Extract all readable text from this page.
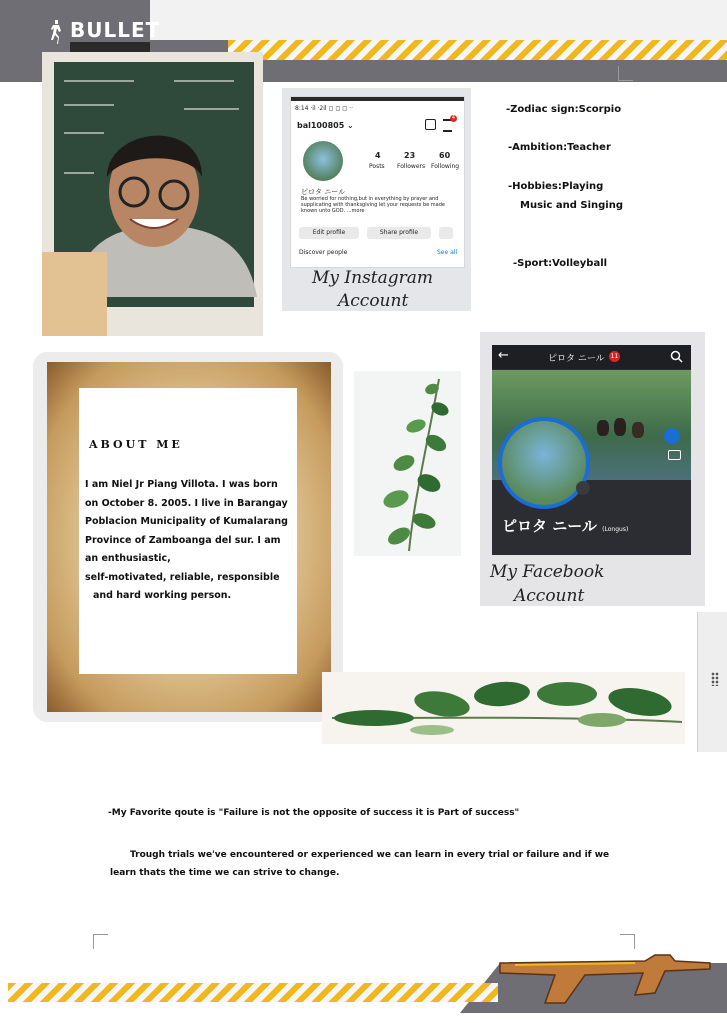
BULLET
8:14 ·il ·2il ◻ ◻ ◻ ··
bal100805 ⌄
4
4
Posts
23
Followers
60
Following
ピロタ ニール
Be worried for nothing,but in everything by prayer and supplicating with thanksgiving let your requests be made known unto GOD. ...more
Edit profile	Share profile
Discover people	See all
My Instagram
Account
-Zodiac sign:Scorpio
-Ambition:Teacher
-Hobbies:Playing
Music and Singing
-Sport:Volleyball
ABOUT ME

I am Niel Jr Piang Villota. I was born

on October 8. 2005. I live in Barangay

Poblacion Municipality of Kumalarang

Province of Zamboanga del sur. I am

an enthusiastic,

self-motivated, reliable, responsible

and hard working person.

←	ピロタ ニール 11
ピロタ ニール (Longus)
My Facebook
Account
-My Favorite qoute is "Failure is not the opposite of success it is Part of success"
Trough trials we've encountered or experienced we can learn in every trial or failure and if we
learn thats the time we can strive to change.
